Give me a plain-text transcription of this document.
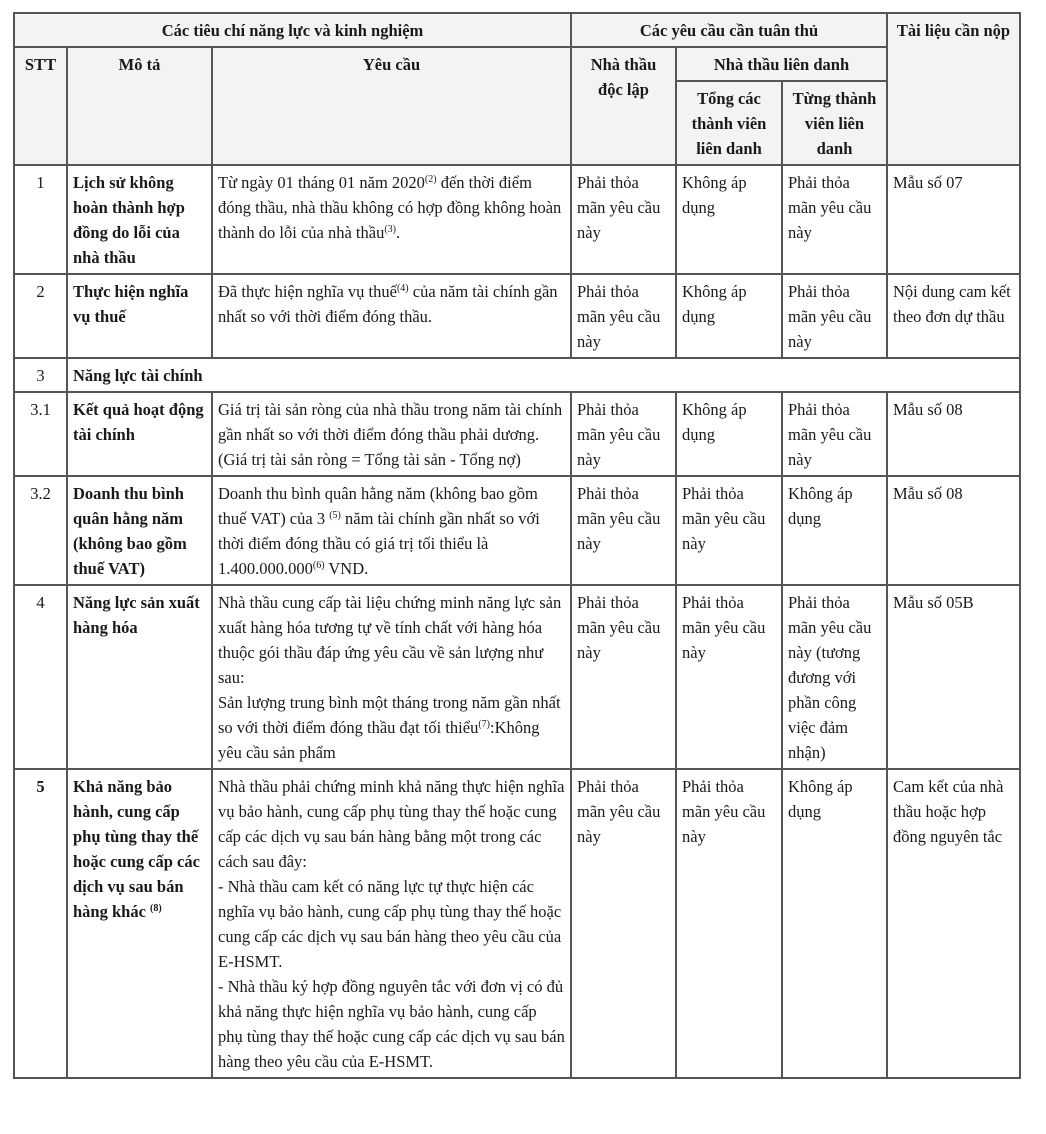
Các tiêu chí năng lực và kinh nghiệm			Các yêu cầu cần tuân thủ			Tài liệu cần nộp
STT	Mô tả	Yêu cầu	Nhà thầu độc lập	Nhà thầu liên danh		
				Tổng các thành viên liên danh	Từng thành viên liên danh	
1	Lịch sử không hoàn thành hợp đồng do lỗi của nhà thầu	Từ ngày 01 tháng 01 năm 2020$^{(2)}$ đến thời điểm đóng thầu, nhà thầu không có hợp đồng không hoàn thành do lỗi của nhà thầu$^{(3)}$.	Phải thỏa mãn yêu cầu này	Không áp dụng	Phải thỏa mãn yêu cầu này	Mẫu số 07
2	Thực hiện nghĩa vụ thuế	Đã thực hiện nghĩa vụ thuế$^{(4)}$ của năm tài chính gần nhất so với thời điểm đóng thầu.	Phải thỏa mãn yêu cầu này	Không áp dụng	Phải thỏa mãn yêu cầu này	Nội dung cam kết theo đơn dự thầu
3	Năng lực tài chính					
3.1	Kết quả hoạt động tài chính	Giá trị tài sản ròng của nhà thầu trong năm tài chính gần nhất so với thời điểm đóng thầu phải dương. (Giá trị tài sản ròng = Tổng tài sản - Tổng nợ)	Phải thỏa mãn yêu cầu này	Không áp dụng	Phải thỏa mãn yêu cầu này	Mẫu số 08
3.2	Doanh thu bình quân hằng năm (không bao gồm thuế VAT)	Doanh thu bình quân hằng năm (không bao gồm thuế VAT) của 3 $^{(5)}$ năm tài chính gần nhất so với thời điểm đóng thầu có giá trị tối thiểu là 1.400.000.000$^{(6)}$ VND.	Phải thỏa mãn yêu cầu này	Phải thỏa mãn yêu cầu này	Không áp dụng	Mẫu số 08
4	Năng lực sản xuất hàng hóa	Nhà thầu cung cấp tài liệu chứng minh năng lực sản xuất hàng hóa tương tự về tính chất với hàng hóa thuộc gói thầu đáp ứng yêu cầu về sản lượng như sau:
Sản lượng trung bình một tháng trong năm gần nhất so với thời điểm đóng thầu đạt tối thiểu$^{(7)}$:Không yêu cầu sản phẩm	Phải thỏa mãn yêu cầu này	Phải thỏa mãn yêu cầu này	Phải thỏa mãn yêu cầu này (tương đương với phần công việc đảm nhận)	Mẫu số 05B
5	Khả năng bảo hành, cung cấp phụ tùng thay thế hoặc cung cấp các dịch vụ sau bán hàng khác $^{(8)}$	Nhà thầu phải chứng minh khả năng thực hiện nghĩa vụ bảo hành, cung cấp phụ tùng thay thế hoặc cung cấp các dịch vụ sau bán hàng bằng một trong các cách sau đây:
- Nhà thầu cam kết có năng lực tự thực hiện các nghĩa vụ bảo hành, cung cấp phụ tùng thay thế hoặc cung cấp các dịch vụ sau bán hàng theo yêu cầu của E-HSMT.
- Nhà thầu ký hợp đồng nguyên tắc với đơn vị có đủ khả năng thực hiện nghĩa vụ bảo hành, cung cấp phụ tùng thay thế hoặc cung cấp các dịch vụ sau bán hàng theo yêu cầu của E-HSMT.	Phải thỏa mãn yêu cầu này	Phải thỏa mãn yêu cầu này	Không áp dụng	Cam kết của nhà thầu hoặc hợp đồng nguyên tắc
